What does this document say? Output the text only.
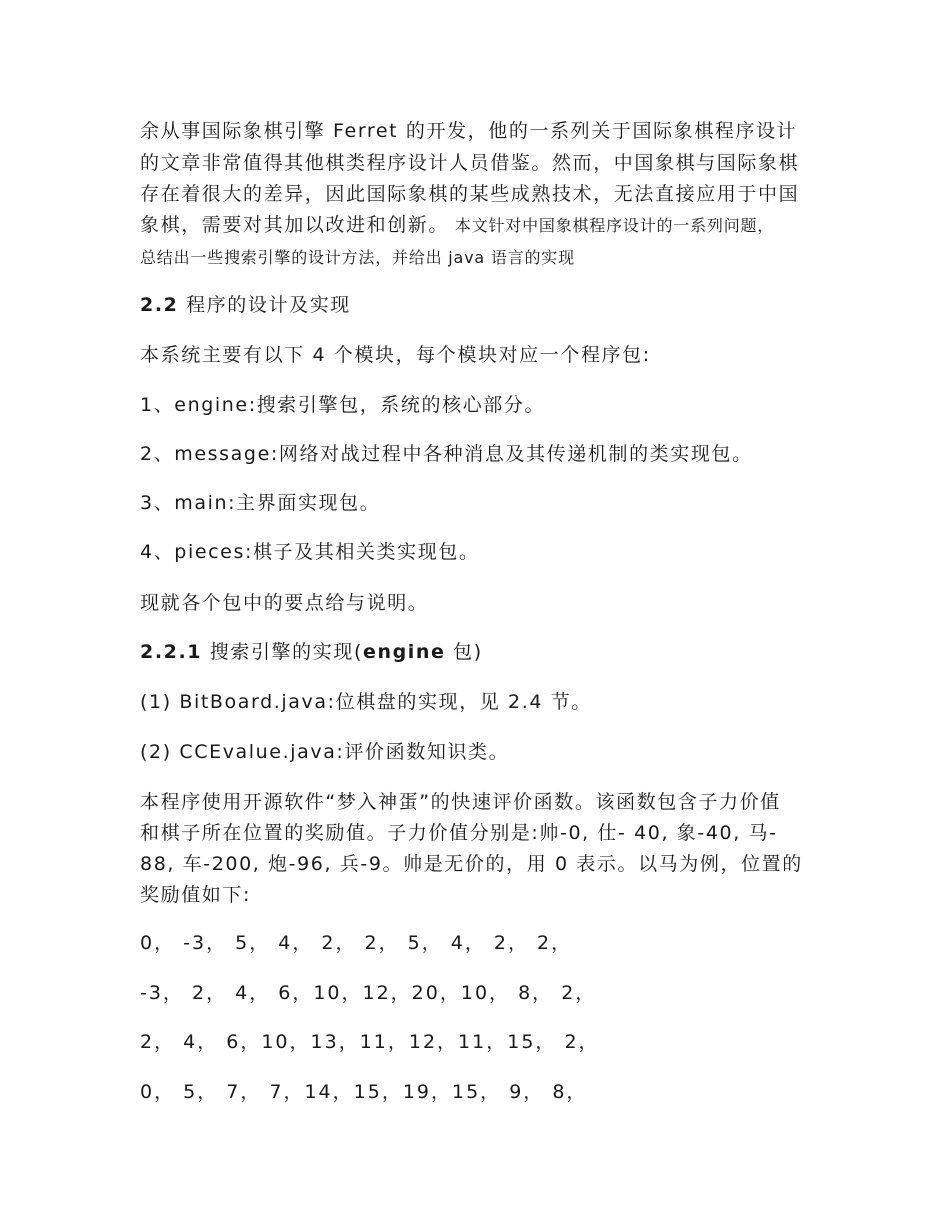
余从事国际象棋引擎 Ferret 的开发，他的一系列关于国际象棋程序设计
的文章非常值得其他棋类程序设计人员借鉴。然而，中国象棋与国际象棋
存在着很大的差异，因此国际象棋的某些成熟技术，无法直接应用于中国
象棋，需要对其加以改进和创新。 本文针对中国象棋程序设计的一系列问题，
总结出一些搜索引擎的设计方法，并给出 java 语言的实现
2.2 程序的设计及实现
本系统主要有以下 4 个模块，每个模块对应一个程序包:
1、engine:搜索引擎包，系统的核心部分。
2、message:网络对战过程中各种消息及其传递机制的类实现包。
3、main:主界面实现包。
4、pieces:棋子及其相关类实现包。
现就各个包中的要点给与说明。
2.2.1 搜索引擎的实现(engine 包)
(1) BitBoard.java:位棋盘的实现，见 2.4 节。
(2) CCEvalue.java:评价函数知识类。
本程序使用开源软件“梦入神蛋”的快速评价函数。该函数包含子力价值
和棋子所在位置的奖励值。子力价值分别是:帅-0, 仕- 40, 象-40, 马-
88, 车-200, 炮-96, 兵-9。帅是无价的，用 0 表示。以马为例，位置的
奖励值如下:
0， -3， 5， 4， 2， 2， 5， 4， 2， 2，
-3， 2， 4， 6，10，12，20，10， 8， 2，
2， 4， 6，10，13，11，12，11，15， 2，
0， 5， 7， 7，14，15，19，15， 9， 8，
